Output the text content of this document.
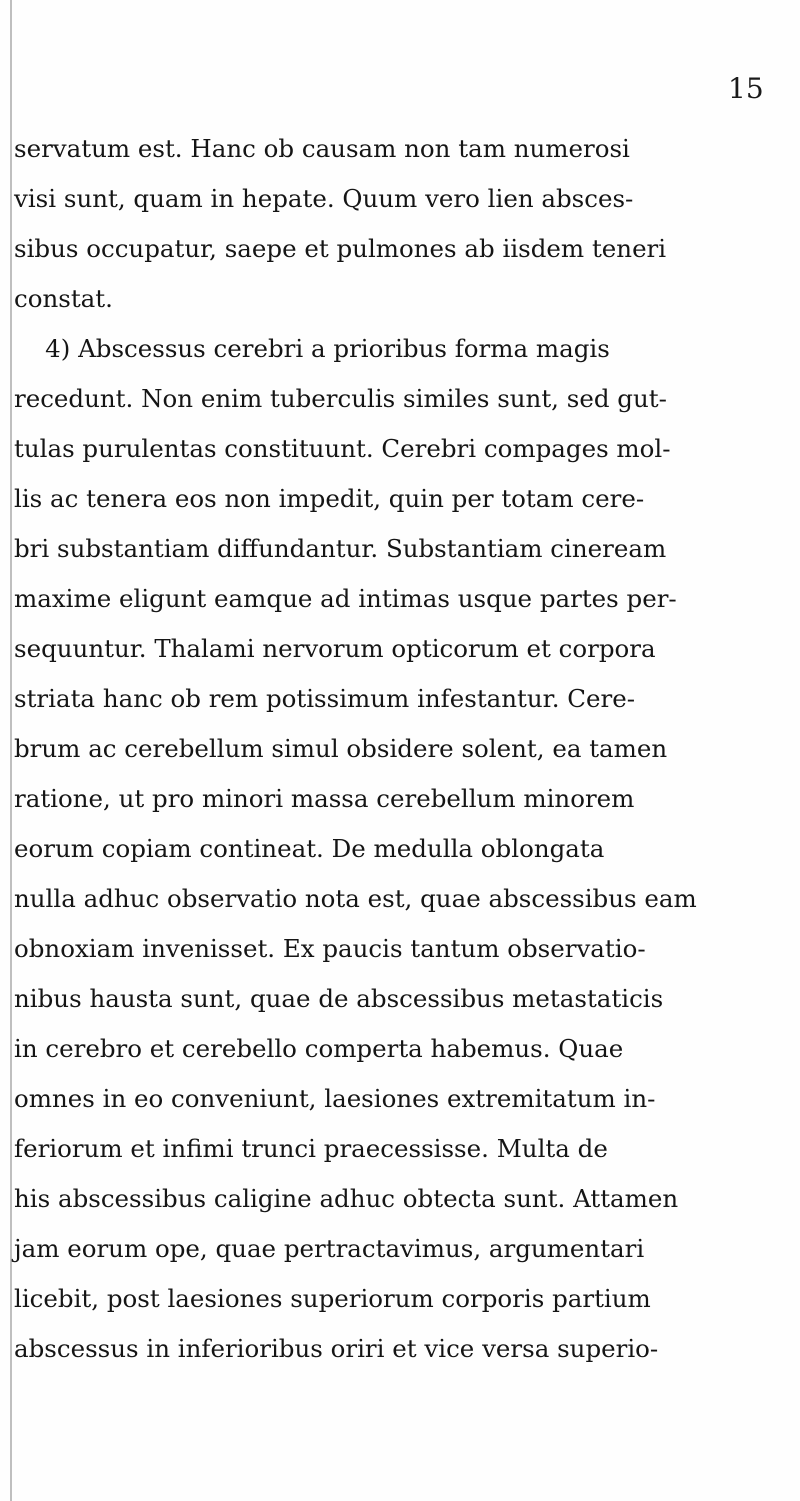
15
servatum est. Hanc ob causam non tam numerosi
visi sunt, quam in hepate. Quum vero lien absces-
sibus occupatur, saepe et pulmones ab iisdem teneri
constat.
4) Abscessus cerebri a prioribus forma magis
recedunt. Non enim tuberculis similes sunt, sed gut-
tulas purulentas constituunt. Cerebri compages mol-
lis ac tenera eos non impedit, quin per totam cere-
bri substantiam diffundantur. Substantiam cineream
maxime eligunt eamque ad intimas usque partes per-
sequuntur. Thalami nervorum opticorum et corpora
striata hanc ob rem potissimum infestantur. Cere-
brum ac cerebellum simul obsidere solent, ea tamen
ratione, ut pro minori massa cerebellum minorem
eorum copiam contineat. De medulla oblongata
nulla adhuc observatio nota est, quae abscessibus eam
obnoxiam invenisset. Ex paucis tantum observatio-
nibus hausta sunt, quae de abscessibus metastaticis
in cerebro et cerebello comperta habemus. Quae
omnes in eo conveniunt, laesiones extremitatum in-
feriorum et infimi trunci praecessisse. Multa de
his abscessibus caligine adhuc obtecta sunt. Attamen
jam eorum ope, quae pertractavimus, argumentari
licebit, post laesiones superiorum corporis partium
abscessus in inferioribus oriri et vice versa superio-
